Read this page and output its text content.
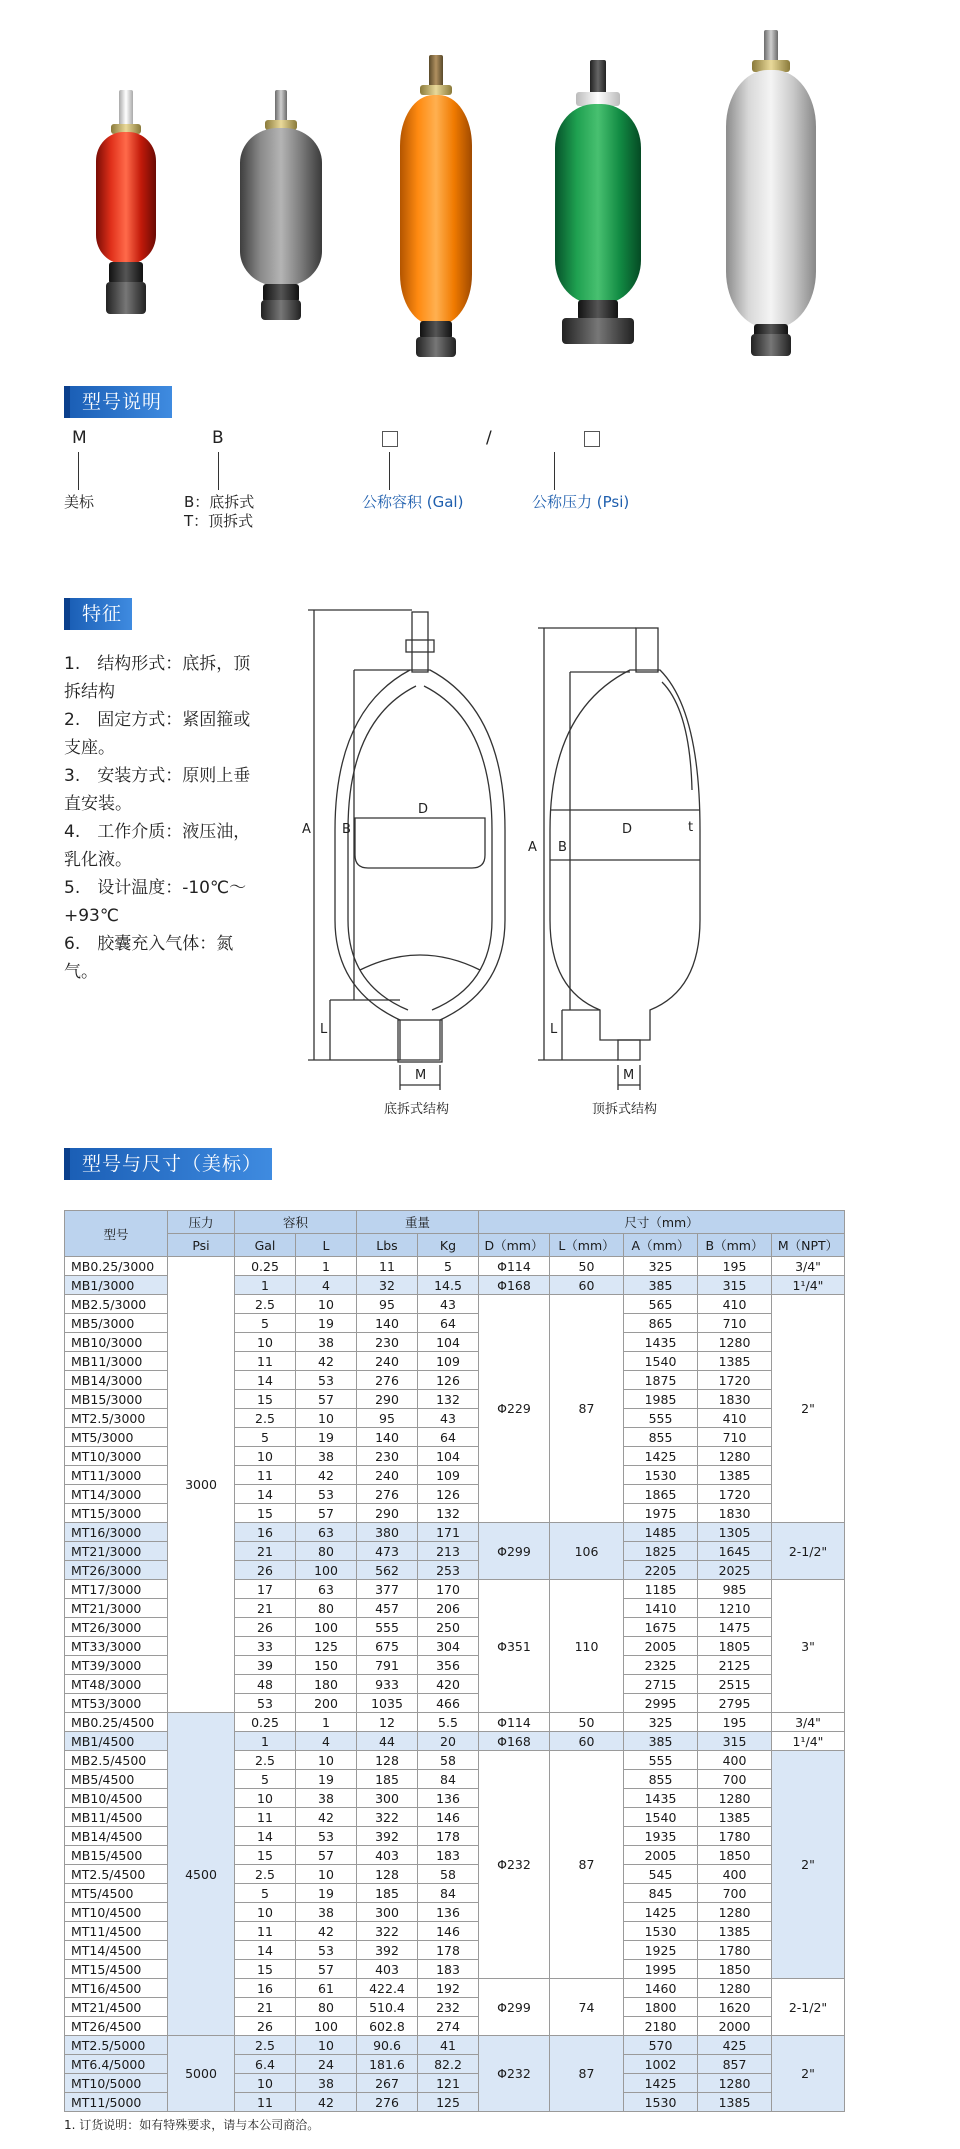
型号说明
M	B	/
美标	B：底拆式
T：顶拆式
公称容积 (Gal)	公称压力 (Psi)
特征

1.　结构形式：底拆，顶拆结构

2.　固定方式：紧固箍或支座。

3.　安装方式：原则上垂直安装。

4.　工作介质：液压油，乳化液。

5.　设计温度：-10℃～+93℃

6.　胶囊充入气体：氮气。

A B
D
L
M
A B
D	t
L
M
底拆式结构	顶拆式结构
型号与尺寸（美标）
型号	压力	容积		重量		尺寸（mm）				
	Psi	Gal	L	Lbs	Kg	D（mm）	L（mm）	A（mm）	B（mm）	M（NPT）
MB0.25/3000	3000	0.25	1	11	5	Φ114	50	325	195	3/4"
MB1/3000		1	4	32	14.5	Φ168	60	385	315	1¹/4"
MB2.5/3000		2.5	10	95	43	Φ229	87	565	410	2"
MB5/3000		5	19	140	64			865	710	
MB10/3000		10	38	230	104			1435	1280	
MB11/3000		11	42	240	109			1540	1385	
MB14/3000		14	53	276	126			1875	1720	
MB15/3000		15	57	290	132			1985	1830	
MT2.5/3000		2.5	10	95	43			555	410	
MT5/3000		5	19	140	64			855	710	
MT10/3000		10	38	230	104			1425	1280	
MT11/3000		11	42	240	109			1530	1385	
MT14/3000		14	53	276	126			1865	1720	
MT15/3000		15	57	290	132			1975	1830	
MT16/3000		16	63	380	171	Φ299	106	1485	1305	2-1/2"
MT21/3000		21	80	473	213			1825	1645	
MT26/3000		26	100	562	253			2205	2025	
MT17/3000		17	63	377	170	Φ351	110	1185	985	3"
MT21/3000		21	80	457	206			1410	1210	
MT26/3000		26	100	555	250			1675	1475	
MT33/3000		33	125	675	304			2005	1805	
MT39/3000		39	150	791	356			2325	2125	
MT48/3000		48	180	933	420			2715	2515	
MT53/3000		53	200	1035	466			2995	2795	
MB0.25/4500	4500	0.25	1	12	5.5	Φ114	50	325	195	3/4"
MB1/4500		1	4	44	20	Φ168	60	385	315	1¹/4"
MB2.5/4500		2.5	10	128	58	Φ232	87	555	400	2"
MB5/4500		5	19	185	84			855	700	
MB10/4500		10	38	300	136			1435	1280	
MB11/4500		11	42	322	146			1540	1385	
MB14/4500		14	53	392	178			1935	1780	
MB15/4500		15	57	403	183			2005	1850	
MT2.5/4500		2.5	10	128	58			545	400	
MT5/4500		5	19	185	84			845	700	
MT10/4500		10	38	300	136			1425	1280	
MT11/4500		11	42	322	146			1530	1385	
MT14/4500		14	53	392	178			1925	1780	
MT15/4500		15	57	403	183			1995	1850	
MT16/4500		16	61	422.4	192	Φ299	74	1460	1280	2-1/2"
MT21/4500		21	80	510.4	232			1800	1620	
MT26/4500		26	100	602.8	274			2180	2000	
MT2.5/5000	5000	2.5	10	90.6	41	Φ232	87	570	425	2"
MT6.4/5000		6.4	24	181.6	82.2			1002	857	
MT10/5000		10	38	267	121			1425	1280	
MT11/5000		11	42	276	125			1530	1385	
1. 订货说明：如有特殊要求，请与本公司商洽。
